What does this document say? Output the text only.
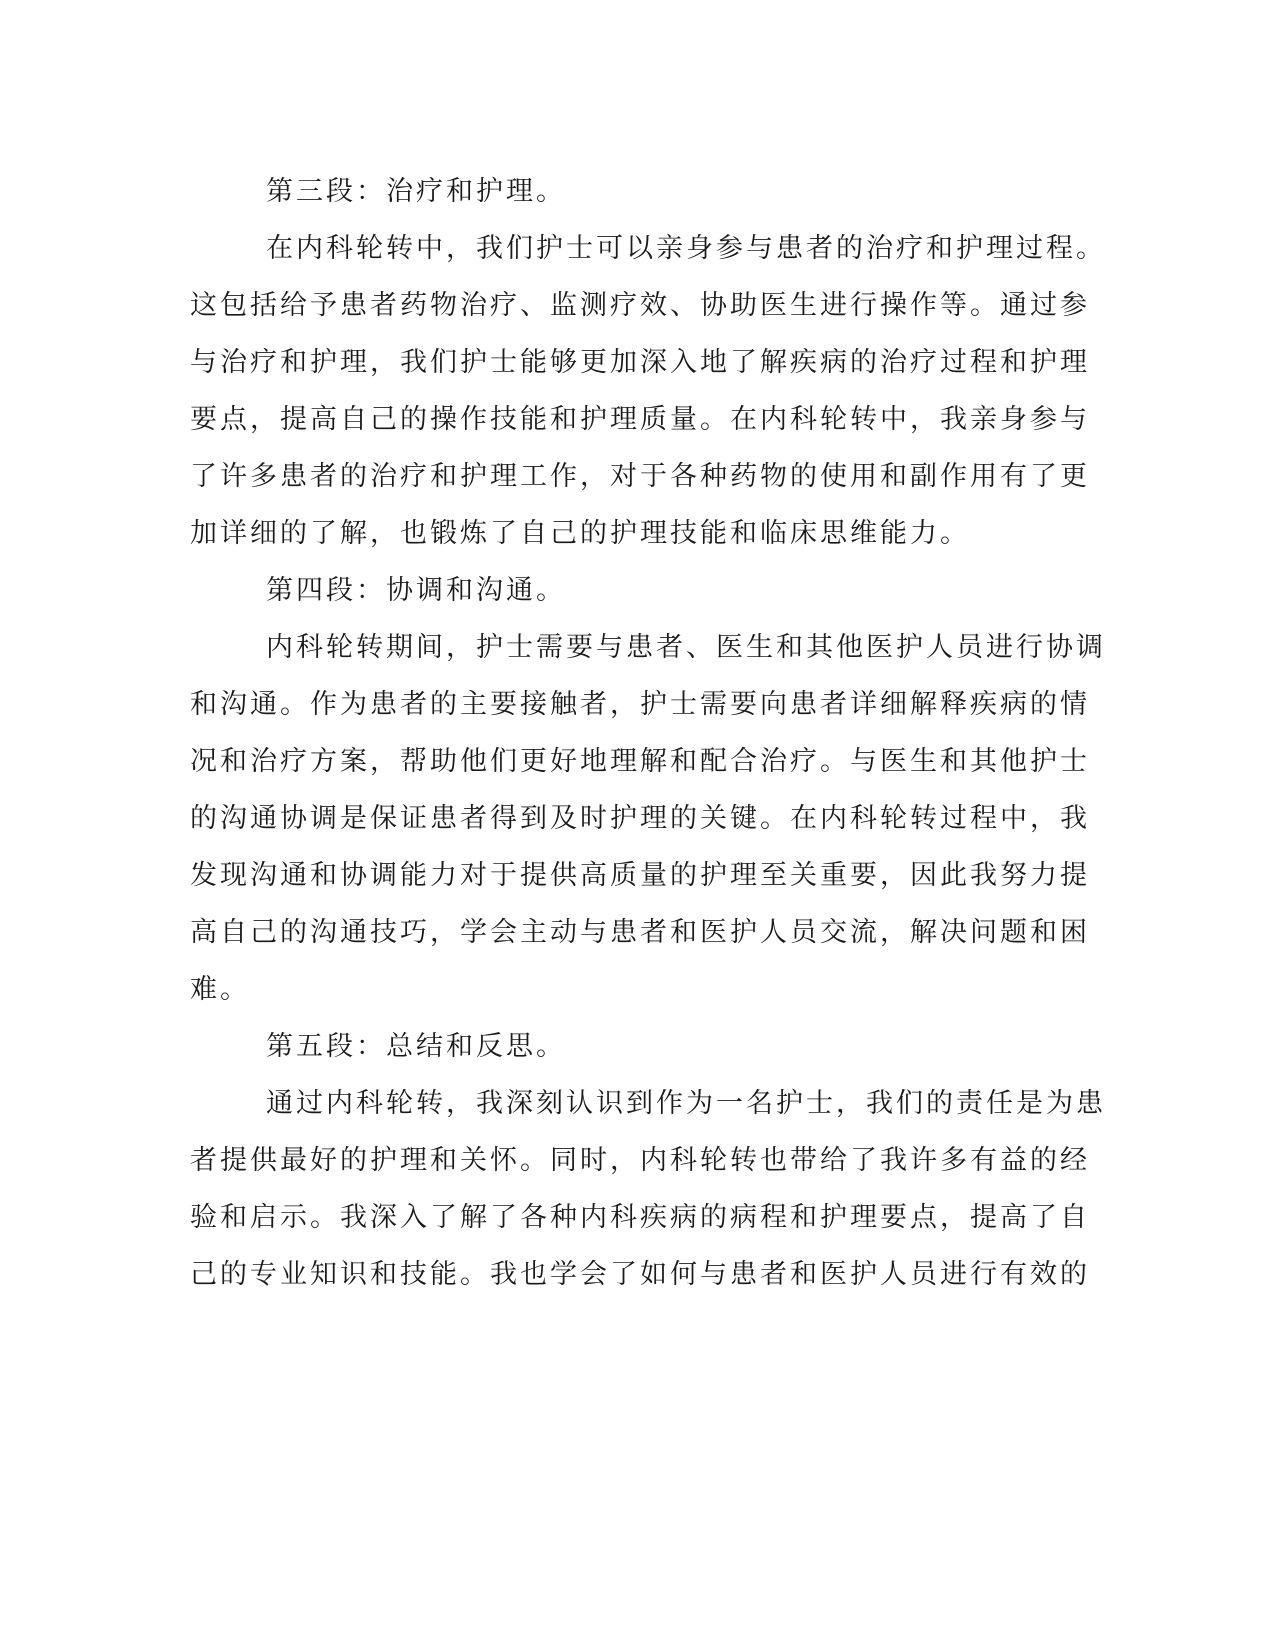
第三段：治疗和护理。

在内科轮转中，我们护士可以亲身参与患者的治疗和护理过程。
这包括给予患者药物治疗、监测疗效、协助医生进行操作等。通过参
与治疗和护理，我们护士能够更加深入地了解疾病的治疗过程和护理
要点，提高自己的操作技能和护理质量。在内科轮转中，我亲身参与
了许多患者的治疗和护理工作，对于各种药物的使用和副作用有了更
加详细的了解，也锻炼了自己的护理技能和临床思维能力。

第四段：协调和沟通。

内科轮转期间，护士需要与患者、医生和其他医护人员进行协调
和沟通。作为患者的主要接触者，护士需要向患者详细解释疾病的情
况和治疗方案，帮助他们更好地理解和配合治疗。与医生和其他护士
的沟通协调是保证患者得到及时护理的关键。在内科轮转过程中，我
发现沟通和协调能力对于提供高质量的护理至关重要，因此我努力提
高自己的沟通技巧，学会主动与患者和医护人员交流，解决问题和困
难。

第五段：总结和反思。

通过内科轮转，我深刻认识到作为一名护士，我们的责任是为患
者提供最好的护理和关怀。同时，内科轮转也带给了我许多有益的经
验和启示。我深入了解了各种内科疾病的病程和护理要点，提高了自
己的专业知识和技能。我也学会了如何与患者和医护人员进行有效的
